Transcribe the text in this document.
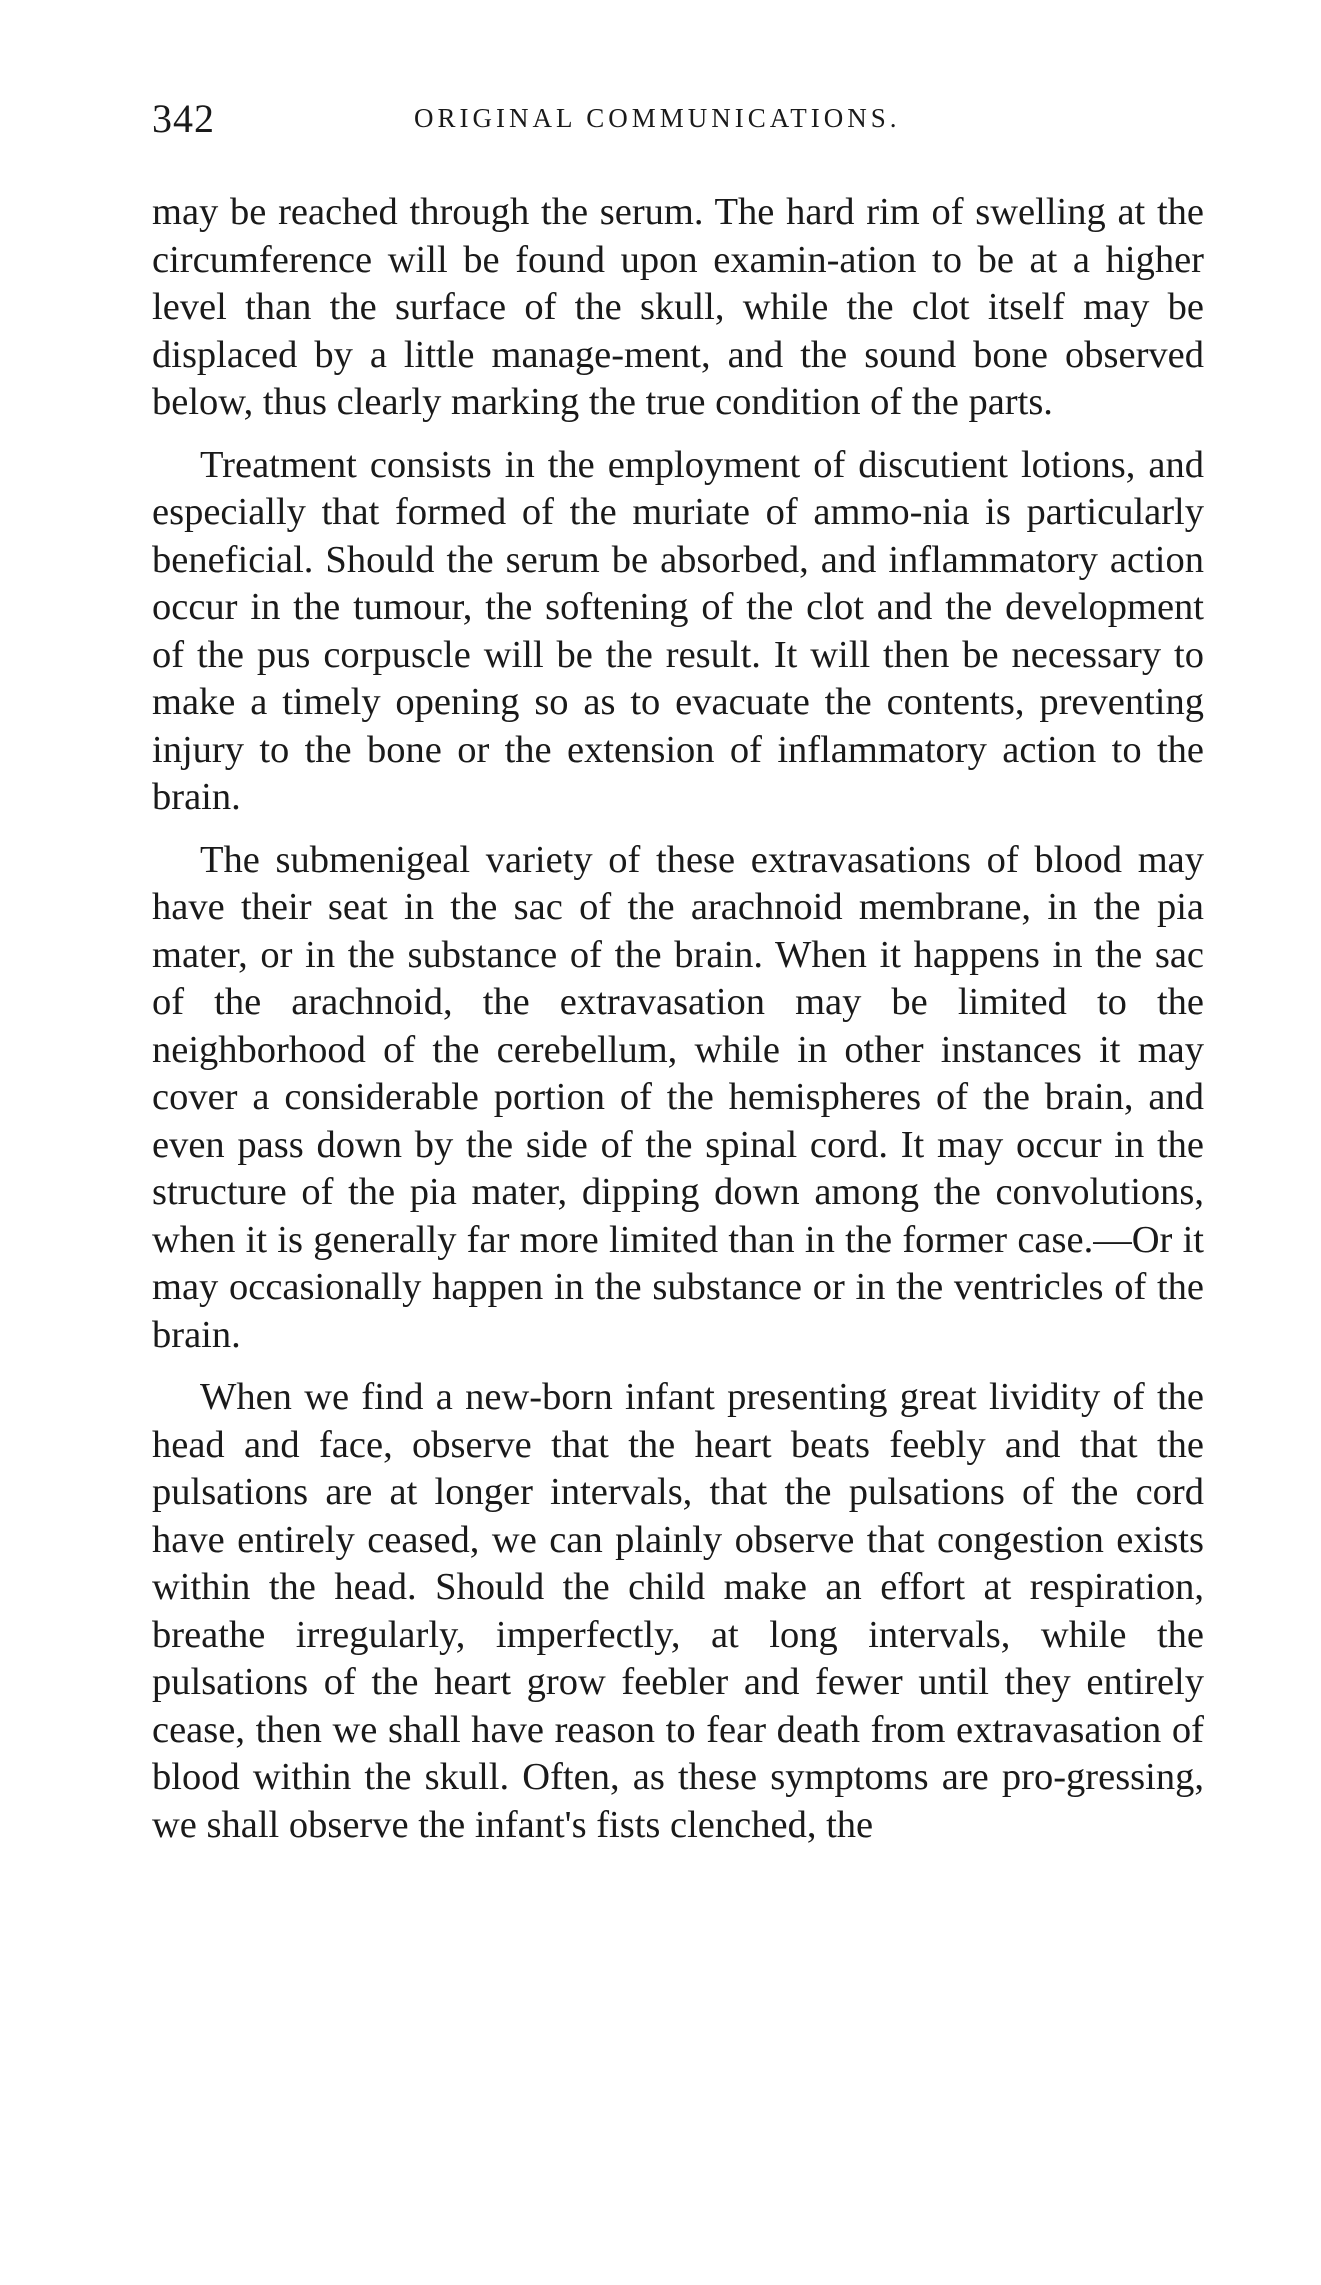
342	ORIGINAL COMMUNICATIONS.

may be reached through the serum. The hard rim of swelling at the circumference will be found upon examin-ation to be at a higher level than the surface of the skull, while the clot itself may be displaced by a little manage-ment, and the sound bone observed below, thus clearly marking the true condition of the parts.

Treatment consists in the employment of discutient lotions, and especially that formed of the muriate of ammo-nia is particularly beneficial. Should the serum be absorbed, and inflammatory action occur in the tumour, the softening of the clot and the development of the pus corpuscle will be the result. It will then be necessary to make a timely opening so as to evacuate the contents, preventing injury to the bone or the extension of inflammatory action to the brain.

The submenigeal variety of these extravasations of blood may have their seat in the sac of the arachnoid membrane, in the pia mater, or in the substance of the brain. When it happens in the sac of the arachnoid, the extravasation may be limited to the neighborhood of the cerebellum, while in other instances it may cover a considerable portion of the hemispheres of the brain, and even pass down by the side of the spinal cord. It may occur in the structure of the pia mater, dipping down among the convolutions, when it is generally far more limited than in the former case.—Or it may occasionally happen in the substance or in the ventricles of the brain.

When we find a new-born infant presenting great lividity of the head and face, observe that the heart beats feebly and that the pulsations are at longer intervals, that the pulsations of the cord have entirely ceased, we can plainly observe that congestion exists within the head. Should the child make an effort at respiration, breathe irregularly, imperfectly, at long intervals, while the pulsations of the heart grow feebler and fewer until they entirely cease, then we shall have reason to fear death from extravasation of blood within the skull. Often, as these symptoms are pro-gressing, we shall observe the infant's fists clenched, the
